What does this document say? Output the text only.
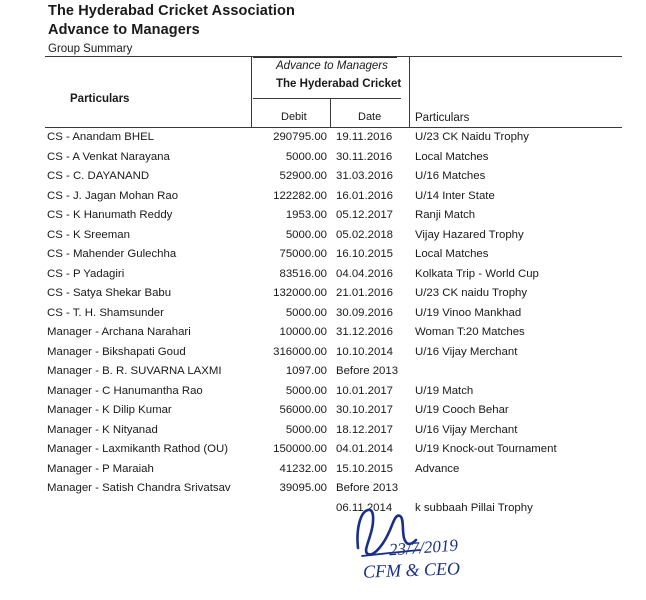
The Hyderabad Cricket Association
Advance to Managers
Group Summary
Advance to Managers
The Hyderabad Cricket
Particulars
Debit	Date	Particulars
CS - Anandam BHEL	290795.00 19.11.2016 U/23 CK Naidu Trophy
CS - A Venkat Narayana	5000.00 30.11.2016 Local Matches
CS - C. DAYANAND	52900.00 31.03.2016 U/16 Matches
CS - J. Jagan Mohan Rao	122282.00 16.01.2016 U/14 Inter State
CS - K Hanumath Reddy	1953.00 05.12.2017 Ranji Match
CS - K Sreeman	5000.00 05.02.2018 Vijay Hazared Trophy
CS - Mahender Gulechha	75000.00 16.10.2015 Local Matches
CS - P Yadagiri	83516.00 04.04.2016 Kolkata Trip - World Cup
CS - Satya Shekar Babu	132000.00 21.01.2016 U/23 CK naidu Trophy
CS - T. H. Shamsunder	5000.00 30.09.2016 U/19 Vinoo Mankhad
Manager - Archana Narahari	10000.00 31.12.2016 Woman T:20 Matches
Manager - Bikshapati Goud	316000.00 10.10.2014 U/16 Vijay Merchant
Manager - B. R. SUVARNA LAXMI	1097.00 Before 2013
Manager - C Hanumantha Rao	5000.00 10.01.2017 U/19 Match
Manager - K Dilip Kumar	56000.00 30.10.2017 U/19 Cooch Behar
Manager - K Nityanad	5000.00 18.12.2017 U/16 Vijay Merchant
Manager - Laxmikanth Rathod (OU)	150000.00 04.01.2014 U/19 Knock-out Tournament
Manager - P Maraiah	41232.00 15.10.2015 Advance
Manager - Satish Chandra Srivatsav	39095.00 Before 2013
06.11.2014 k subbaah Pillai Trophy
23/7/2019
CFM & CEO
